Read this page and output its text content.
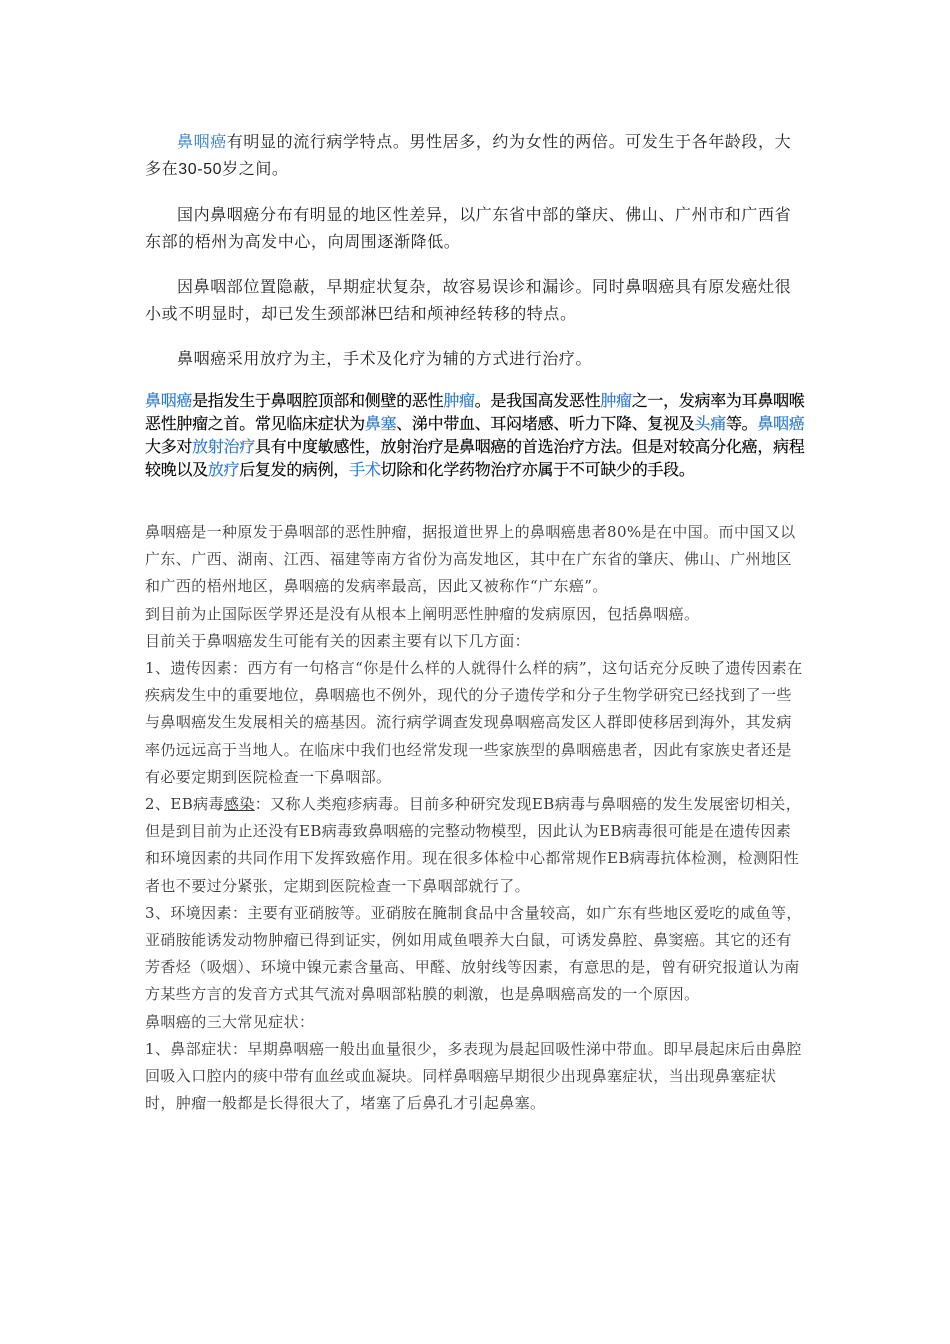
鼻咽癌有明显的流行病学特点。男性居多，约为女性的两倍。可发生于各年龄段，大多在30-50岁之间。

国内鼻咽癌分布有明显的地区性差异，以广东省中部的肇庆、佛山、广州市和广西省东部的梧州为高发中心，向周围逐渐降低。

因鼻咽部位置隐蔽，早期症状复杂，故容易误诊和漏诊。同时鼻咽癌具有原发癌灶很小或不明显时，却已发生颈部淋巴结和颅神经转移的特点。

鼻咽癌采用放疗为主，手术及化疗为辅的方式进行治疗。

鼻咽癌是指发生于鼻咽腔顶部和侧壁的恶性肿瘤。是我国高发恶性肿瘤之一，发病率为耳鼻咽喉恶性肿瘤之首。常见临床症状为鼻塞、涕中带血、耳闷堵感、听力下降、复视及头痛等。鼻咽癌大多对放射治疗具有中度敏感性，放射治疗是鼻咽癌的首选治疗方法。但是对较高分化癌，病程较晚以及放疗后复发的病例，手术切除和化学药物治疗亦属于不可缺少的手段。

鼻咽癌是一种原发于鼻咽部的恶性肿瘤，据报道世界上的鼻咽癌患者80%是在中国。而中国又以广东、广西、湖南、江西、福建等南方省份为高发地区，其中在广东省的肇庆、佛山、广州地区和广西的梧州地区，鼻咽癌的发病率最高，因此又被称作“广东癌”。

到目前为止国际医学界还是没有从根本上阐明恶性肿瘤的发病原因，包括鼻咽癌。

目前关于鼻咽癌发生可能有关的因素主要有以下几方面：

1、遗传因素：西方有一句格言“你是什么样的人就得什么样的病”，这句话充分反映了遗传因素在疾病发生中的重要地位，鼻咽癌也不例外，现代的分子遗传学和分子生物学研究已经找到了一些与鼻咽癌发生发展相关的癌基因。流行病学调查发现鼻咽癌高发区人群即使移居到海外，其发病率仍远远高于当地人。在临床中我们也经常发现一些家族型的鼻咽癌患者，因此有家族史者还是有必要定期到医院检查一下鼻咽部。

2、EB病毒感染：又称人类疱疹病毒。目前多种研究发现EB病毒与鼻咽癌的发生发展密切相关，但是到目前为止还没有EB病毒致鼻咽癌的完整动物模型，因此认为EB病毒很可能是在遗传因素和环境因素的共同作用下发挥致癌作用。现在很多体检中心都常规作EB病毒抗体检测，检测阳性者也不要过分紧张，定期到医院检查一下鼻咽部就行了。

3、环境因素：主要有亚硝胺等。亚硝胺在腌制食品中含量较高，如广东有些地区爱吃的咸鱼等，亚硝胺能诱发动物肿瘤已得到证实，例如用咸鱼喂养大白鼠，可诱发鼻腔、鼻窦癌。其它的还有芳香烃（吸烟）、环境中镍元素含量高、甲醛、放射线等因素，有意思的是，曾有研究报道认为南方某些方言的发音方式其气流对鼻咽部粘膜的刺激，也是鼻咽癌高发的一个原因。

鼻咽癌的三大常见症状：

1、鼻部症状：早期鼻咽癌一般出血量很少，多表现为晨起回吸性涕中带血。即早晨起床后由鼻腔回吸入口腔内的痰中带有血丝或血凝块。同样鼻咽癌早期很少出现鼻塞症状，当出现鼻塞症状时，肿瘤一般都是长得很大了，堵塞了后鼻孔才引起鼻塞。
